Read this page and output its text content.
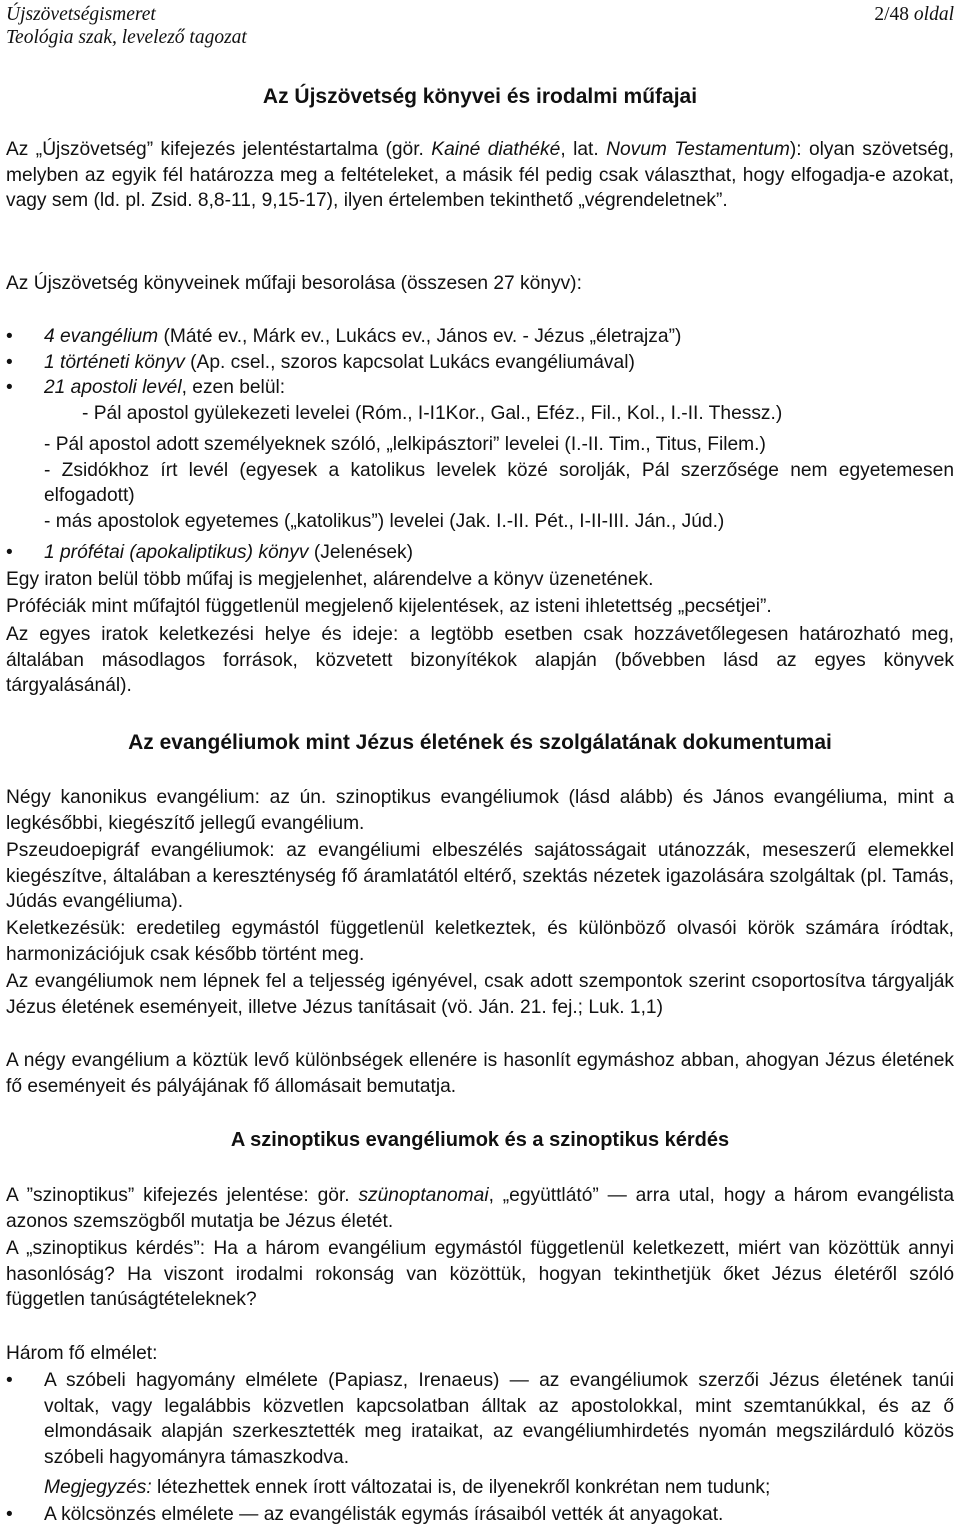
Újszövetségismeret
Teológia szak, levelező tagozat
2/48 oldal
Az Újszövetség könyvei és irodalmi műfajai

Az „Újszövetség” kifejezés jelentéstartalma (gör. Kainé diathéké, lat. Novum Testamentum): olyan szövetség, melyben az egyik fél határozza meg a feltételeket, a másik fél pedig csak választhat, hogy elfogadja-e azokat, vagy sem (ld. pl. Zsid. 8,8-11, 9,15-17), ilyen értelemben tekinthető „végrendeletnek”.

Az Újszövetség könyveinek műfaji besorolása (összesen 27 könyv):

• 4 evangélium (Máté ev., Márk ev., Lukács ev., János ev. - Jézus „életrajza”)
• 1 történeti könyv (Ap. csel., szoros kapcsolat Lukács evangéliumával)
• 21 apostoli levél, ezen belül:
- Pál apostol gyülekezeti levelei (Róm., I-I1Kor., Gal., Eféz., Fil., Kol., I.-II. Thessz.)
- Pál apostol adott személyeknek szóló, „lelkipásztori” levelei (I.-II. Tim., Titus, Filem.)
- Zsidókhoz írt levél (egyesek a katolikus levelek közé sorolják, Pál szerzősége nem egyetemesen elfogadott)
- más apostolok egyetemes („katolikus”) levelei (Jak. I.-II. Pét., I-II-III. Ján., Júd.)
• 1 prófétai (apokaliptikus) könyv (Jelenések)

Egy iraton belül több műfaj is megjelenhet, alárendelve a könyv üzenetének.

Próféciák mint műfajtól függetlenül megjelenő kijelentések, az isteni ihletettség „pecsétjei”.

Az egyes iratok keletkezési helye és ideje: a legtöbb esetben csak hozzávetőlegesen határozható meg, általában másodlagos források, közvetett bizonyítékok alapján (bővebben lásd az egyes könyvek tárgyalásánál).

Az evangéliumok mint Jézus életének és szolgálatának dokumentumai

Négy kanonikus evangélium: az ún. szinoptikus evangéliumok (lásd alább) és János evangéliuma, mint a legkésőbbi, kiegészítő jellegű evangélium.

Pszeudoepigráf evangéliumok: az evangéliumi elbeszélés sajátosságait utánozzák, meseszerű elemekkel kiegészítve, általában a kereszténység fő áramlatától eltérő, szektás nézetek igazolására szolgáltak (pl. Tamás, Júdás evangéliuma).

Keletkezésük: eredetileg egymástól függetlenül keletkeztek, és különböző olvasói körök számára íródtak, harmonizációjuk csak később történt meg.

Az evangéliumok nem lépnek fel a teljesség igényével, csak adott szempontok szerint csoportosítva tárgyalják Jézus életének eseményeit, illetve Jézus tanításait (vö. Ján. 21. fej.; Luk. 1,1)

A négy evangélium a köztük levő különbségek ellenére is hasonlít egymáshoz abban, ahogyan Jézus életének fő eseményeit és pályájának fő állomásait bemutatja.

A szinoptikus evangéliumok és a szinoptikus kérdés

A ”szinoptikus” kifejezés jelentése: gör. szünoptanomai, „együttlátó” — arra utal, hogy a három evangélista azonos szemszögből mutatja be Jézus életét.

A „szinoptikus kérdés”: Ha a három evangélium egymástól függetlenül keletkezett, miért van közöttük annyi hasonlóság? Ha viszont irodalmi rokonság van közöttük, hogyan tekinthetjük őket Jézus életéről szóló független tanúságtételeknek?

Három fő elmélet:

• A szóbeli hagyomány elmélete (Papiasz, Irenaeus) — az evangéliumok szerzői Jézus életének tanúi voltak, vagy legalábbis közvetlen kapcsolatban álltak az apostolokkal, mint szemtanúkkal, és az ő elmondásaik alapján szerkesztették meg irataikat, az evangéliumhirdetés nyomán megszilárduló közös szóbeli hagyományra támaszkodva.

Megjegyzés: létezhettek ennek írott változatai is, de ilyenekről konkrétan nem tudunk;

• A kölcsönzés elmélete — az evangélisták egymás írásaiból vették át anyagokat.
